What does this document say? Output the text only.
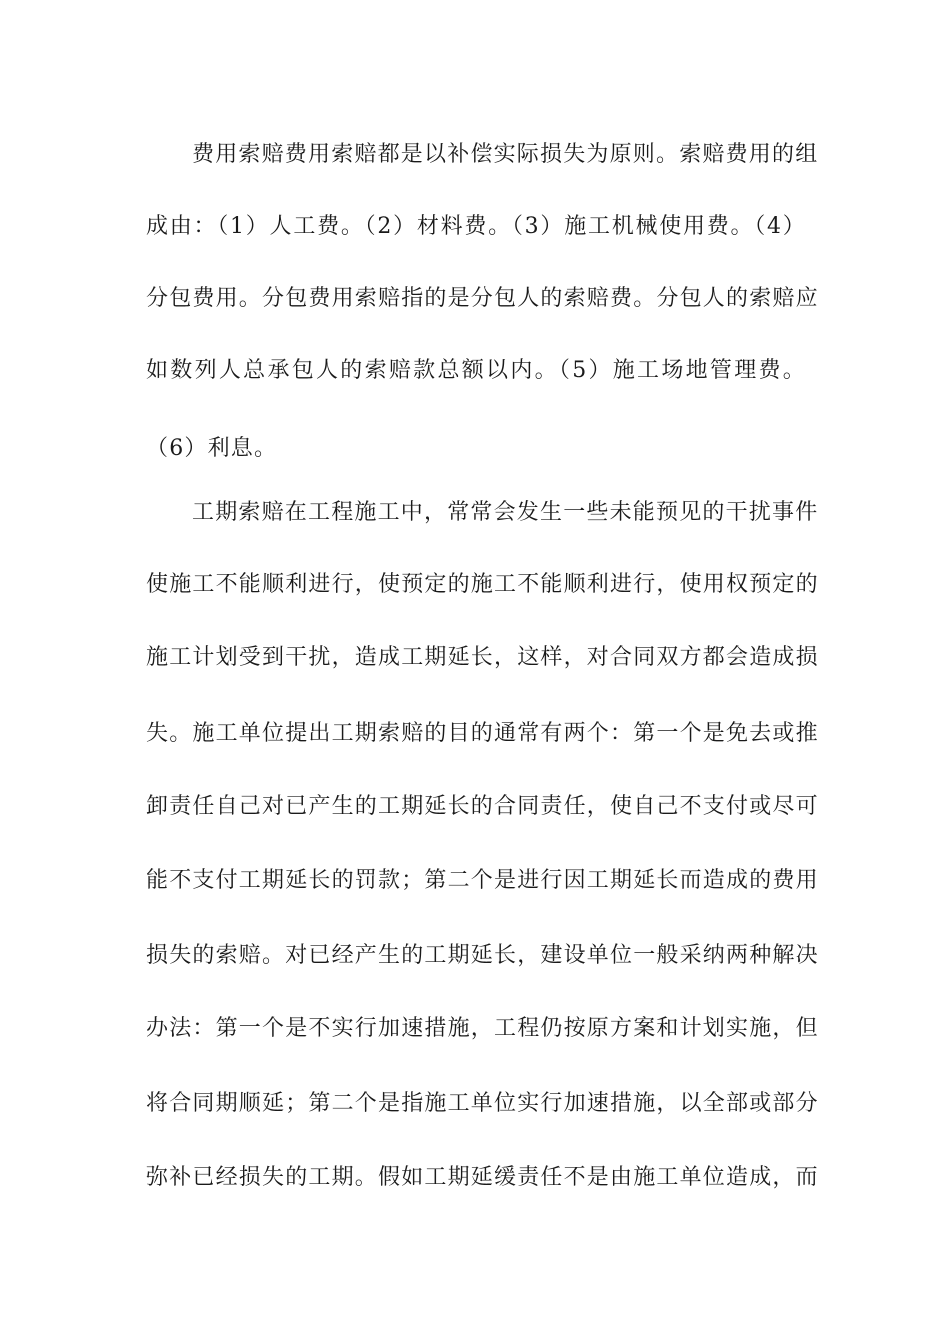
费用索赔费用索赔都是以补偿实际损失为原则。索赔费用的组
成由：（1）人工费。（2）材料费。（3）施工机械使用费。（4）
分包费用。分包费用索赔指的是分包人的索赔费。分包人的索赔应
如数列人总承包人的索赔款总额以内。（5）施工场地管理费。
（6）利息。
工期索赔在工程施工中，常常会发生一些未能预见的干扰事件
使施工不能顺利进行，使预定的施工不能顺利进行，使用权预定的
施工计划受到干扰，造成工期延长，这样，对合同双方都会造成损
失。施工单位提出工期索赔的目的通常有两个：第一个是免去或推
卸责任自己对已产生的工期延长的合同责任，使自己不支付或尽可
能不支付工期延长的罚款；第二个是进行因工期延长而造成的费用
损失的索赔。对已经产生的工期延长，建设单位一般采纳两种解决
办法：第一个是不实行加速措施，工程仍按原方案和计划实施，但
将合同期顺延；第二个是指施工单位实行加速措施，以全部或部分
弥补已经损失的工期。假如工期延缓责任不是由施工单位造成，而
